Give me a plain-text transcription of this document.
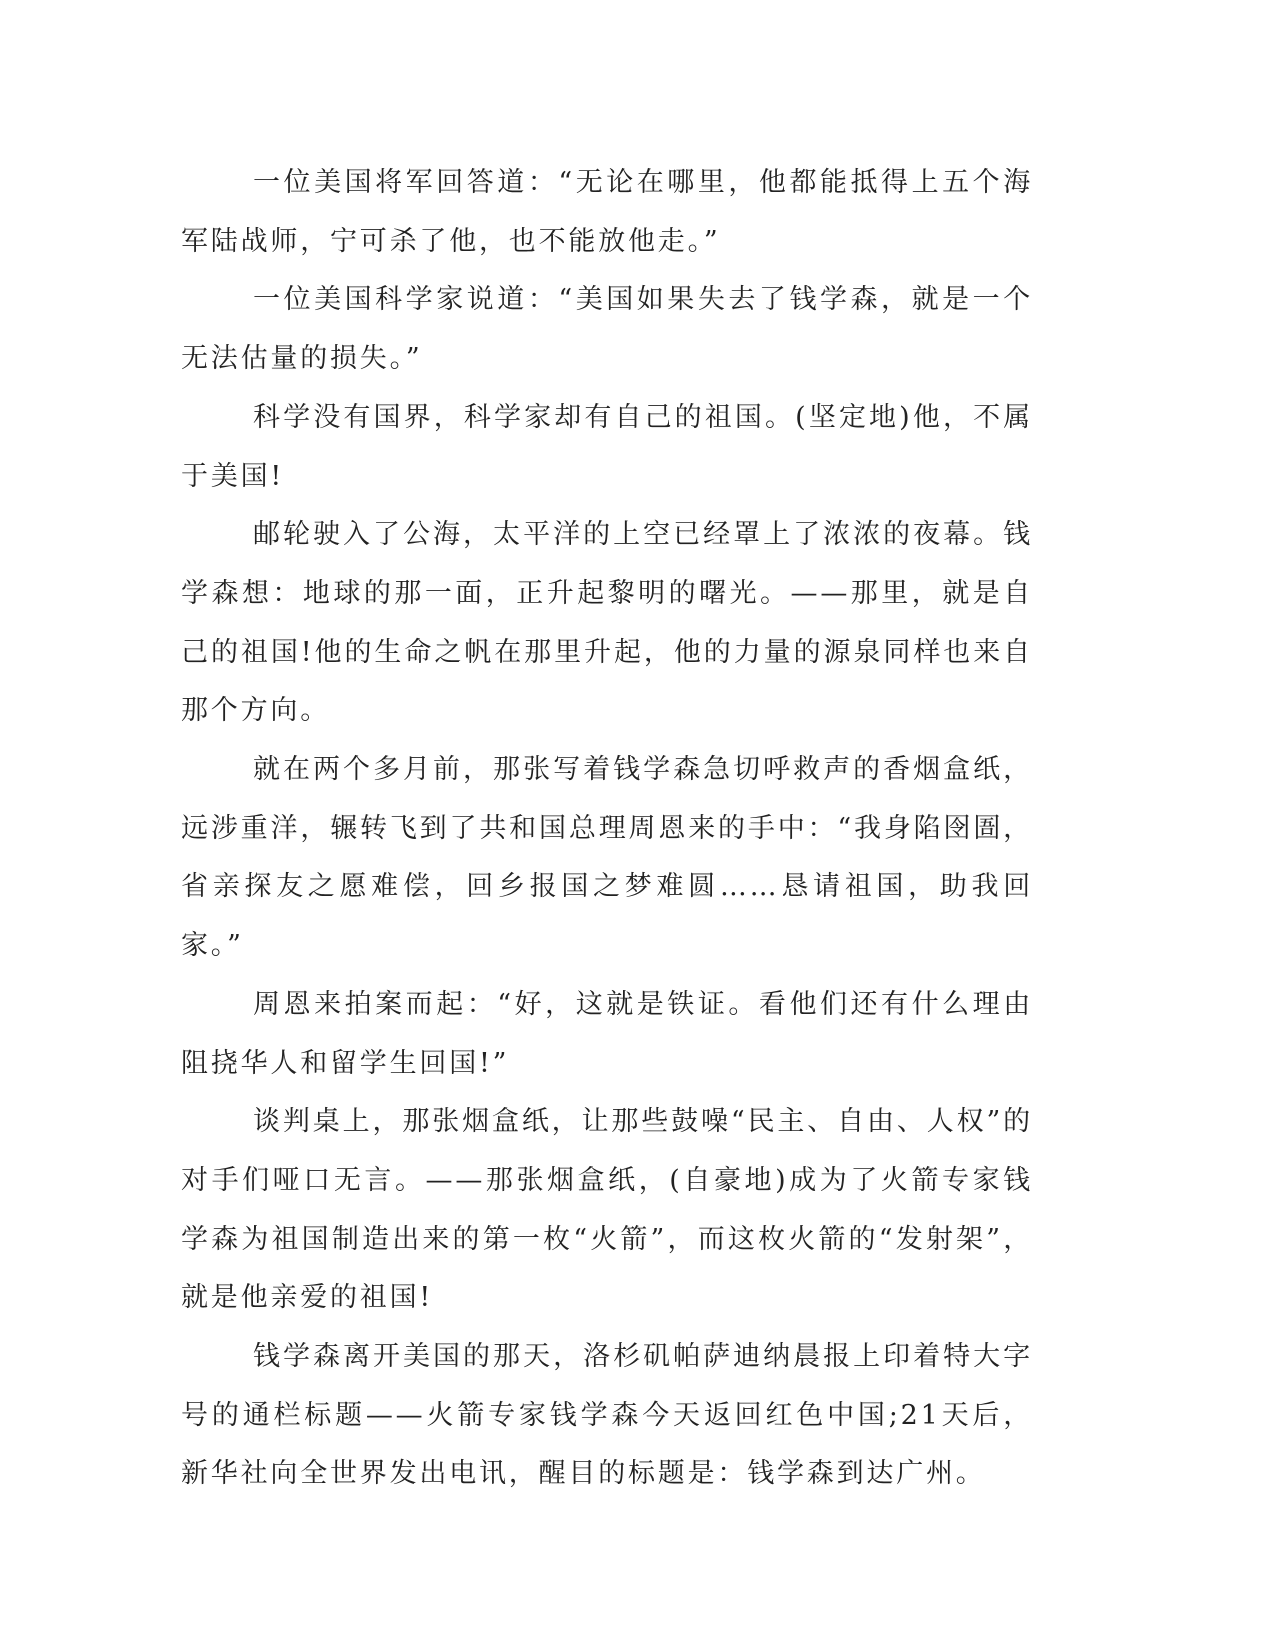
一位美国将军回答道：“无论在哪里，他都能抵得上五个海军陆战师，宁可杀了他，也不能放他走。”

一位美国科学家说道：“美国如果失去了钱学森，就是一个无法估量的损失。”

科学没有国界，科学家却有自己的祖国。(坚定地)他，不属于美国!

邮轮驶入了公海，太平洋的上空已经罩上了浓浓的夜幕。钱学森想：地球的那一面，正升起黎明的曙光。——那里，就是自己的祖国!他的生命之帆在那里升起，他的力量的源泉同样也来自那个方向。

就在两个多月前，那张写着钱学森急切呼救声的香烟盒纸，远涉重洋，辗转飞到了共和国总理周恩来的手中：“我身陷囹圄，省亲探友之愿难偿，回乡报国之梦难圆……恳请祖国，助我回家。”

周恩来拍案而起：“好，这就是铁证。看他们还有什么理由阻挠华人和留学生回国!”

谈判桌上，那张烟盒纸，让那些鼓噪“民主、自由、人权”的对手们哑口无言。——那张烟盒纸，(自豪地)成为了火箭专家钱学森为祖国制造出来的第一枚“火箭”，而这枚火箭的“发射架”，就是他亲爱的祖国!

钱学森离开美国的那天，洛杉矶帕萨迪纳晨报上印着特大字号的通栏标题——火箭专家钱学森今天返回红色中国;21天后，新华社向全世界发出电讯，醒目的标题是：钱学森到达广州。
